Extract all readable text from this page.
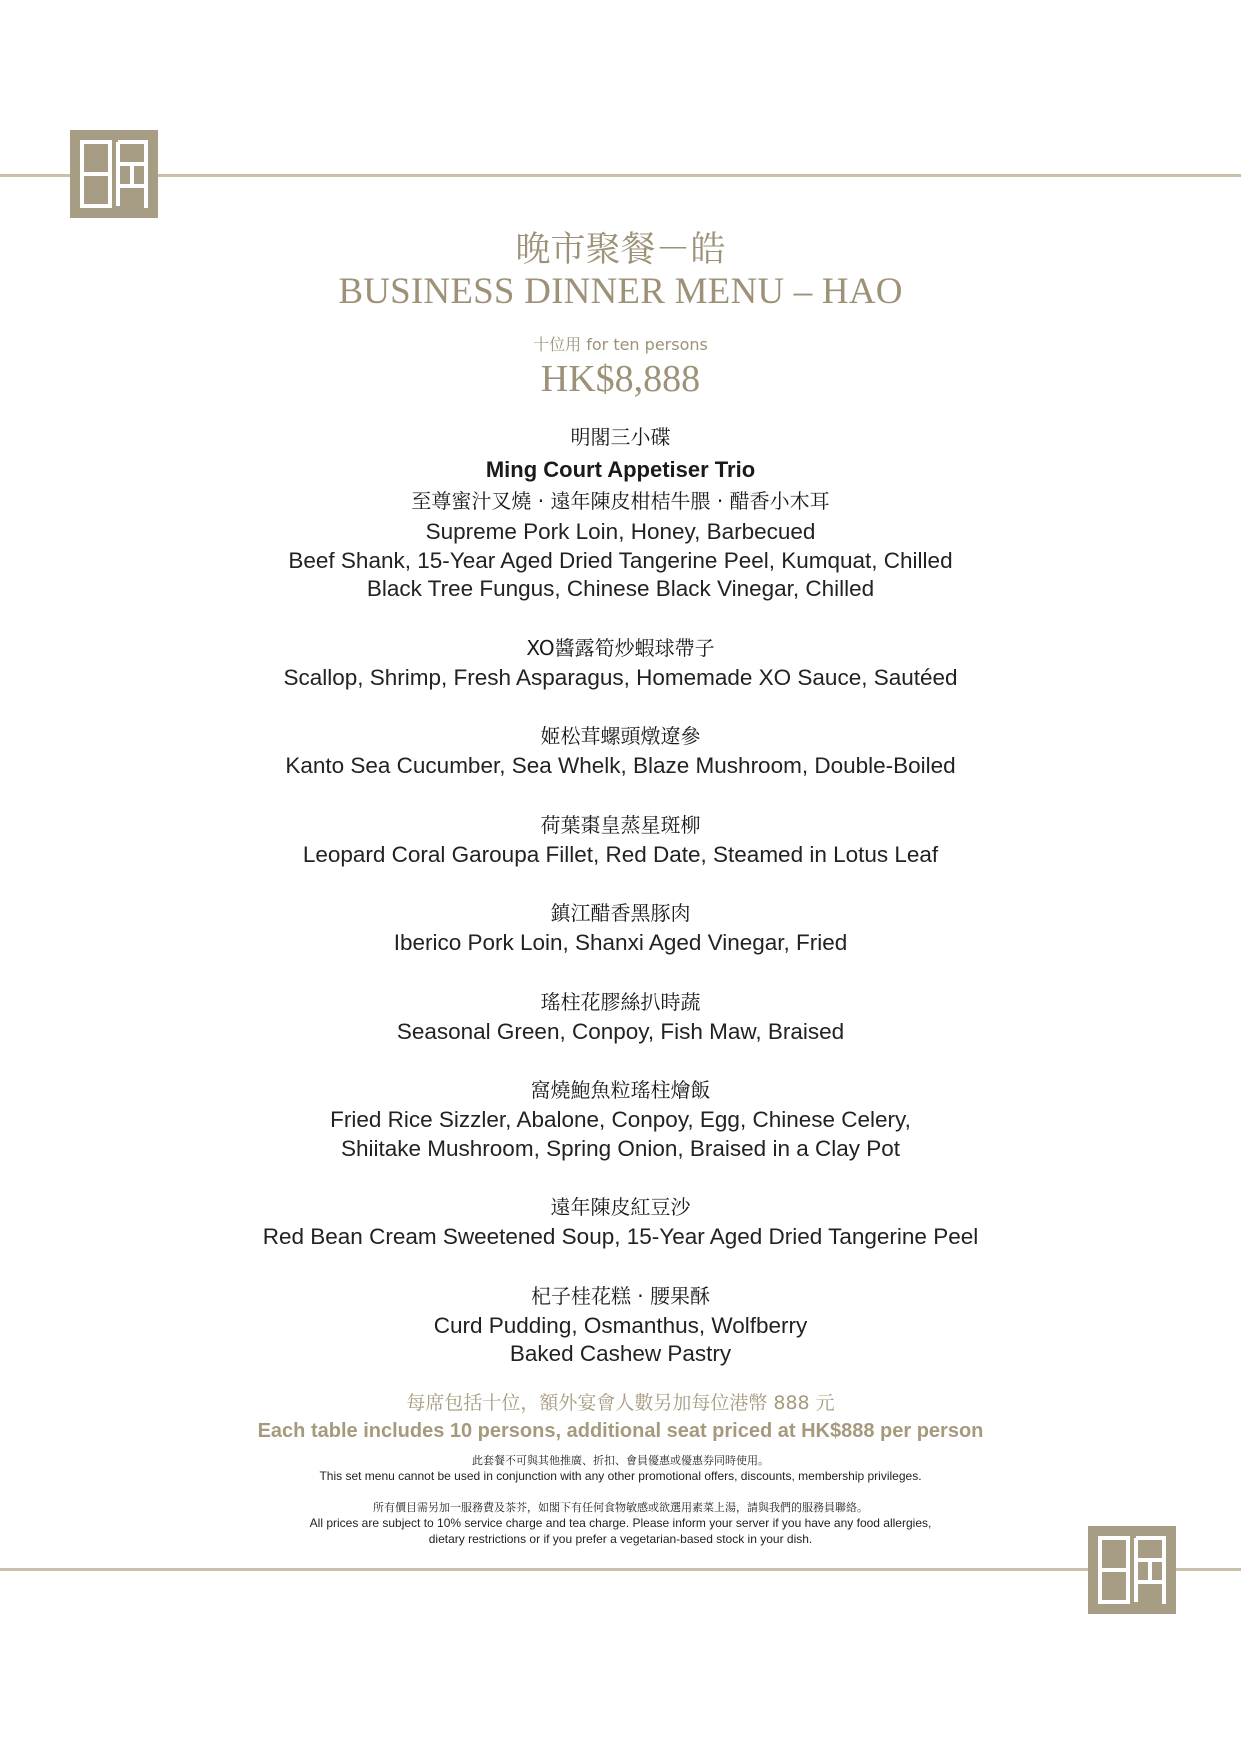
晚市聚餐－皓
BUSINESS DINNER MENU – HAO
十位用 for ten persons
HK$8,888
明閣三小碟
Ming Court Appetiser Trio
至尊蜜汁叉燒 · 遠年陳皮柑桔牛腲 · 醋香小木耳
Supreme Pork Loin, Honey, Barbecued
Beef Shank, 15-Year Aged Dried Tangerine Peel, Kumquat, Chilled
Black Tree Fungus, Chinese Black Vinegar, Chilled
XO醬露筍炒蝦球帶子
Scallop, Shrimp, Fresh Asparagus, Homemade XO Sauce, Sautéed
姬松茸螺頭燉遼參
Kanto Sea Cucumber, Sea Whelk, Blaze Mushroom, Double-Boiled
荷葉棗皇蒸星斑柳
Leopard Coral Garoupa Fillet, Red Date, Steamed in Lotus Leaf
鎮江醋香黑豚肉
Iberico Pork Loin, Shanxi Aged Vinegar, Fried
瑤柱花膠絲扒時蔬
Seasonal Green, Conpoy, Fish Maw, Braised
窩燒鮑魚粒瑤柱燴飯
Fried Rice Sizzler, Abalone, Conpoy, Egg, Chinese Celery,
Shiitake Mushroom, Spring Onion, Braised in a Clay Pot
遠年陳皮紅豆沙
Red Bean Cream Sweetened Soup, 15-Year Aged Dried Tangerine Peel
杞子桂花糕 · 腰果酥
Curd Pudding, Osmanthus, Wolfberry
Baked Cashew Pastry
每席包括十位，額外宴會人數另加每位港幣 888 元
Each table includes 10 persons, additional seat priced at HK$888 per person
此套餐不可與其他推廣、折扣、會員優惠或優惠券同時使用。
This set menu cannot be used in conjunction with any other promotional offers, discounts, membership privileges.
所有價目需另加一服務費及茶芥，如閣下有任何食物敏感或欲選用素菜上湯，請與我們的服務員聯絡。
All prices are subject to 10% service charge and tea charge. Please inform your server if you have any food allergies,
dietary restrictions or if you prefer a vegetarian-based stock in your dish.
